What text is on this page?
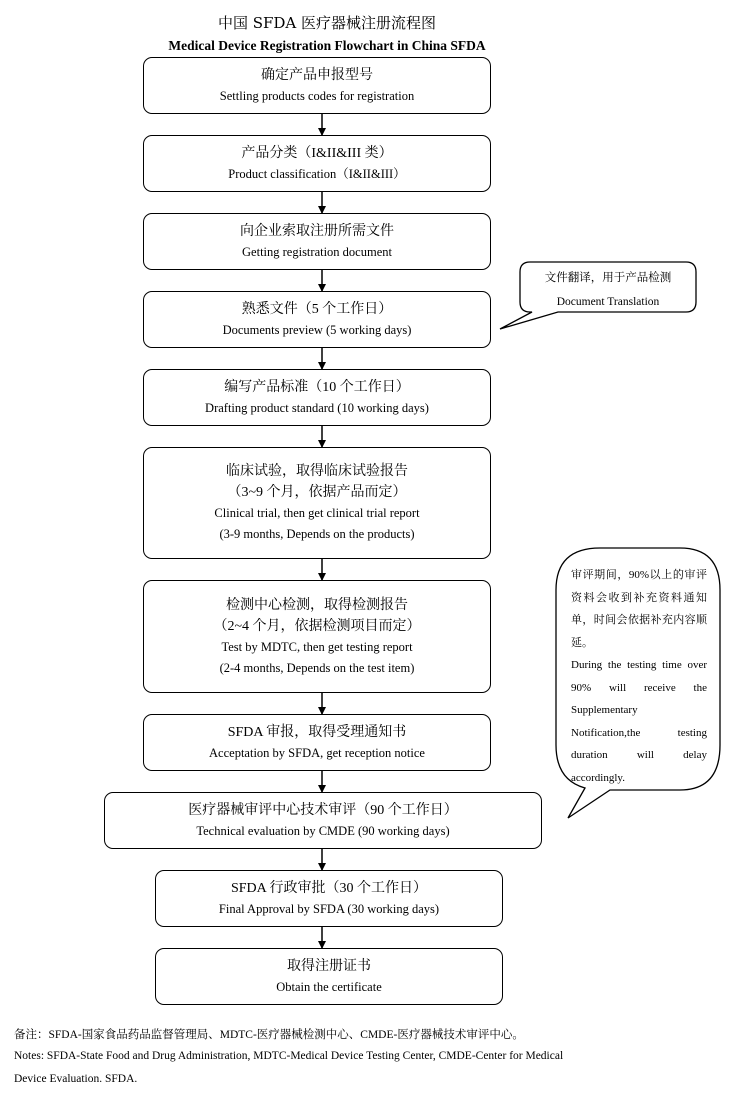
中国 SFDA 医疗器械注册流程图
Medical Device Registration Flowchart in China SFDA
确定产品申报型号
Settling products codes for registration
产品分类（I&II&III 类）
Product classification（I&II&III）
向企业索取注册所需文件
Getting registration document
熟悉文件（5 个工作日）
Documents preview (5 working days)
编写产品标准（10 个工作日）
Drafting product standard (10 working days)
临床试验，取得临床试验报告
（3~9 个月，依据产品而定）
Clinical trial, then get clinical trial report
(3-9 months, Depends on the products)
检测中心检测，取得检测报告
（2~4 个月，依据检测项目而定）
Test by MDTC, then get testing report
(2-4 months, Depends on the test item)
SFDA 审报，取得受理通知书
Acceptation by SFDA, get reception notice
医疗器械审评中心技术审评（90 个工作日）
Technical evaluation by CMDE (90 working days)
SFDA 行政审批（30 个工作日）
Final Approval by SFDA (30 working days)
取得注册证书
Obtain the certificate
文件翻译，用于产品检测
Document Translation
审评期间，90%以上的审评资料会收到补充资料通知单，时间会依据补充内容顺延。
During the testing time over 90% will receive the Supplementary Notification,the testing duration will delay accordingly.
备注：SFDA-国家食品药品监督管理局、MDTC-医疗器械检测中心、CMDE-医疗器械技术审评中心。
Notes: SFDA-State Food and Drug Administration, MDTC-Medical Device Testing Center, CMDE-Center for Medical
Device Evaluation. SFDA.
